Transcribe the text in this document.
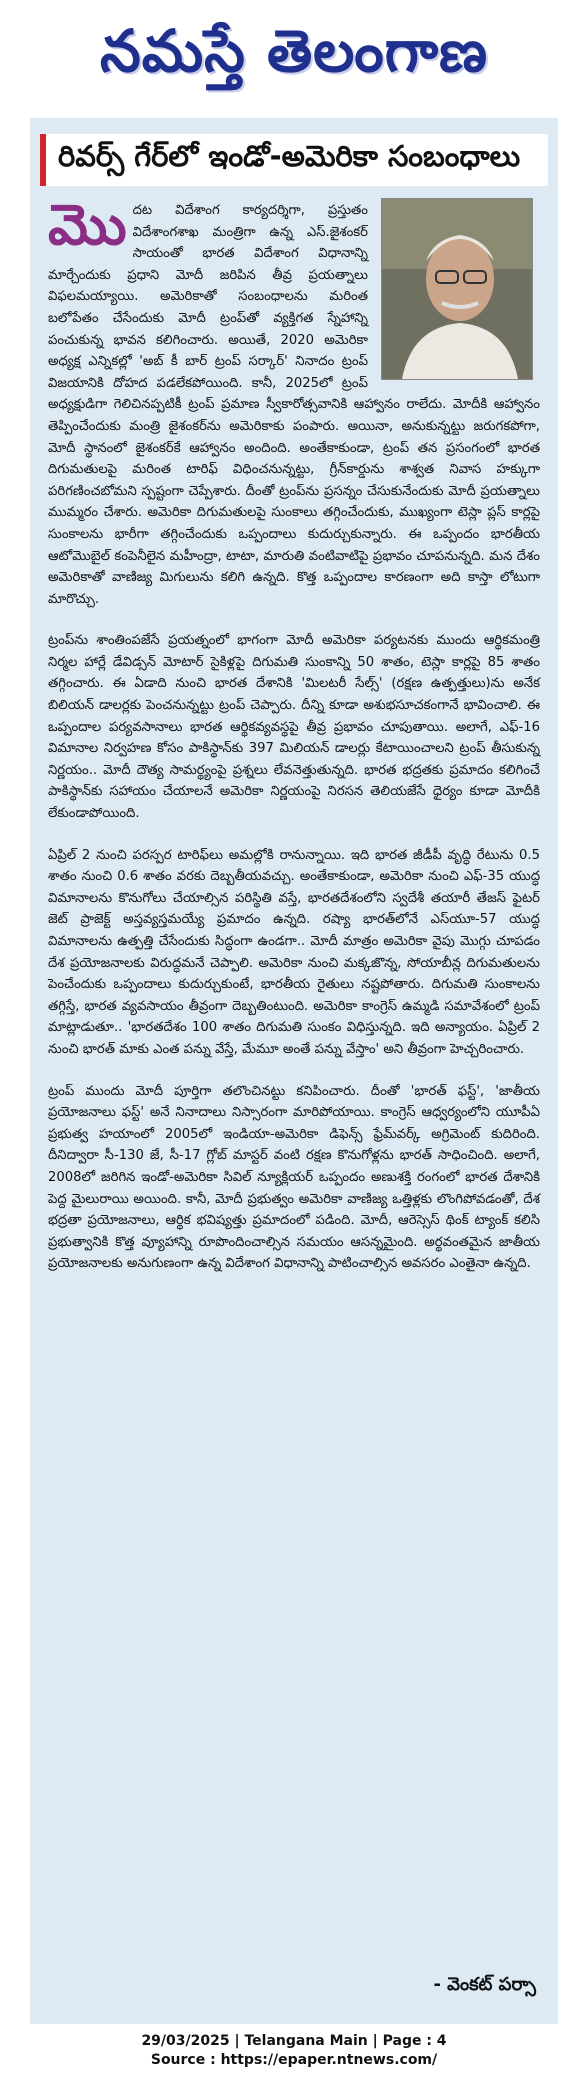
నమస్తే తెలంగాణ
రివర్స్ గేర్‌లో ఇండో-అమెరికా సంబంధాలు

మొ దట విదేశాంగ కార్యదర్శిగా, ప్రస్తుతం విదేశాంగశాఖ మంత్రిగా ఉన్న ఎస్.జైశంకర్ సాయంతో భారత విదేశాంగ విధానాన్ని మార్చేందుకు ప్రధాని మోదీ జరిపిన తీవ్ర ప్రయత్నాలు విఫలమయ్యాయి. అమెరికాతో సంబంధాలను మరింత బలోపేతం చేసేందుకు మోదీ ట్రంప్‌తో వ్యక్తిగత స్నేహాన్ని పంచుకున్న భావన కలిగించారు. అయితే, 2020 అమెరికా అధ్యక్ష ఎన్నికల్లో 'అబ్ కీ బార్ ట్రంప్ సర్కార్' నినాదం ట్రంప్ విజయానికి దోహద పడలేకపోయింది. కానీ, 2025లో ట్రంప్ అధ్యక్షుడిగా గెలిచినప్పటికీ ట్రంప్ ప్రమాణ స్వీకారోత్సవానికి ఆహ్వానం రాలేదు. మోదీకి ఆహ్వానం తెప్పించేందుకు మంత్రి జైశంకర్‌ను అమెరికాకు పంపారు. అయినా, అనుకున్నట్టు జరుగకపోగా, మోదీ స్థానంలో జైశంకర్‌కే ఆహ్వానం అందింది. అంతేకాకుండా, ట్రంప్ తన ప్రసంగంలో భారత దిగుమతులపై మరింత టారిఫ్ విధించనున్నట్టు, గ్రీన్‌కార్డును శాశ్వత నివాస హక్కుగా పరిగణించబోమని స్పష్టంగా చెప్పేశారు. దీంతో ట్రంప్‌ను ప్రసన్నం చేసుకునేందుకు మోదీ ప్రయత్నాలు ముమ్మరం చేశారు. అమెరికా దిగుమతులపై సుంకాలు తగ్గించేందుకు, ముఖ్యంగా టెస్లా ప్లస్ కార్లపై సుంకాలను భారీగా తగ్గించేందుకు ఒప్పందాలు కుదుర్చుకున్నారు. ఈ ఒప్పందం భారతీయ ఆటోమొబైల్ కంపెనీలైన మహీంద్రా, టాటా, మారుతి వంటివాటిపై ప్రభావం చూపనున్నది. మన దేశం అమెరికాతో వాణిజ్య మిగులును కలిగి ఉన్నది. కొత్త ఒప్పందాల కారణంగా అది కాస్తా లోటుగా మారొచ్చు.

ట్రంప్‌ను శాంతింపజేసే ప్రయత్నంలో భాగంగా మోదీ అమెరికా పర్యటనకు ముందు ఆర్థికమంత్రి నిర్మల హార్లే డేవిడ్సన్ మోటార్ సైకిళ్లపై దిగుమతి సుంకాన్ని 50 శాతం, టెస్లా కార్లపై 85 శాతం తగ్గించారు. ఈ ఏడాది నుంచి భారత దేశానికి 'మిలటరీ సేల్స్' (రక్షణ ఉత్పత్తులు)ను అనేక బిలియన్ డాలర్లకు పెంచనున్నట్టు ట్రంప్ చెప్పారు. దీన్ని కూడా అశుభసూచకంగానే భావించాలి. ఈ ఒప్పందాల పర్యవసానాలు భారత ఆర్థికవ్యవస్థపై తీవ్ర ప్రభావం చూపుతాయి. అలాగే, ఎఫ్-16 విమానాల నిర్వహణ కోసం పాకిస్థాన్‌కు 397 మిలియన్ డాలర్లు కేటాయించాలని ట్రంప్ తీసుకున్న నిర్ణయం.. మోదీ దౌత్య సామర్థ్యంపై ప్రశ్నలు లేవనెత్తుతున్నది. భారత భద్రతకు ప్రమాదం కలిగించే పాకిస్థాన్‌కు సహాయం చేయాలనే అమెరికా నిర్ణయంపై నిరసన తెలియజేసే ధైర్యం కూడా మోదీకి లేకుండాపోయింది.

ఏప్రిల్ 2 నుంచి పరస్పర టారిఫ్‌లు అమల్లోకి రానున్నాయి. ఇది భారత జీడీపీ వృద్ధి రేటును 0.5 శాతం నుంచి 0.6 శాతం వరకు దెబ్బతీయవచ్చు. అంతేకాకుండా, అమెరికా నుంచి ఎఫ్-35 యుద్ధ విమానాలను కొనుగోలు చేయాల్సిన పరిస్థితి వస్తే, భారతదేశంలోని స్వదేశీ తయారీ తేజస్ ఫైటర్ జెట్ ప్రాజెక్ట్ అస్తవ్యస్తమయ్యే ప్రమాదం ఉన్నది. రష్యా భారత్‌లోనే ఎస్‌యూ-57 యుద్ధ విమానాలను ఉత్పత్తి చేసేందుకు సిద్ధంగా ఉండగా.. మోదీ మాత్రం అమెరికా వైపు మొగ్గు చూపడం దేశ ప్రయోజనాలకు విరుద్ధమనే చెప్పాలి. అమెరికా నుంచి మక్కజొన్న, సోయాబీన్ల దిగుమతులను పెంచేందుకు ఒప్పందాలు కుదుర్చుకుంటే, భారతీయ రైతులు నష్టపోతారు. దిగుమతి సుంకాలను తగ్గిస్తే, భారత వ్యవసాయం తీవ్రంగా దెబ్బతింటుంది. అమెరికా కాంగ్రెస్ ఉమ్మడి సమావేశంలో ట్రంప్ మాట్లాడుతూ.. 'భారతదేశం 100 శాతం దిగుమతి సుంకం విధిస్తున్నది. ఇది అన్యాయం. ఏప్రిల్ 2 నుంచి భారత్ మాకు ఎంత పన్ను వేస్తే, మేమూ అంతే పన్ను వేస్తాం' అని తీవ్రంగా హెచ్చరించారు.

ట్రంప్ ముందు మోదీ పూర్తిగా తలొంచినట్టు కనిపించారు. దీంతో 'భారత్ ఫస్ట్', 'జాతీయ ప్రయోజనాలు ఫస్ట్' అనే నినాదాలు నిస్సారంగా మారిపోయాయి. కాంగ్రెస్ ఆధ్వర్యంలోని యూపీఏ ప్రభుత్వ హయాంలో 2005లో ఇండియా-అమెరికా డిఫెన్స్ ఫ్రేమ్‌వర్క్ అగ్రిమెంట్ కుదిరింది. దీనిద్వారా సీ-130 జే, సీ-17 గ్లోబ్ మాస్టర్ వంటి రక్షణ కొనుగోళ్లను భారత్ సాధించింది. అలాగే, 2008లో జరిగిన ఇండో-అమెరికా సివిల్ న్యూక్లియర్ ఒప్పందం అణుశక్తి రంగంలో భారత దేశానికి పెద్ద మైలురాయి అయింది. కానీ, మోదీ ప్రభుత్వం అమెరికా వాణిజ్య ఒత్తిళ్లకు లొంగిపోవడంతో, దేశ భద్రతా ప్రయోజనాలు, ఆర్థిక భవిష్యత్తు ప్రమాదంలో పడింది. మోదీ, ఆరెస్సెస్ థింక్ ట్యాంక్ కలిసి ప్రభుత్వానికి కొత్త వ్యూహాన్ని రూపొందించాల్సిన సమయం ఆసన్నమైంది. అర్థవంతమైన జాతీయ ప్రయోజనాలకు అనుగుణంగా ఉన్న విదేశాంగ విధానాన్ని పాటించాల్సిన అవసరం ఎంతైనా ఉన్నది.

- వెంకట్ పర్సా
29/03/2025 | Telangana Main | Page : 4
Source : https://epaper.ntnews.com/
